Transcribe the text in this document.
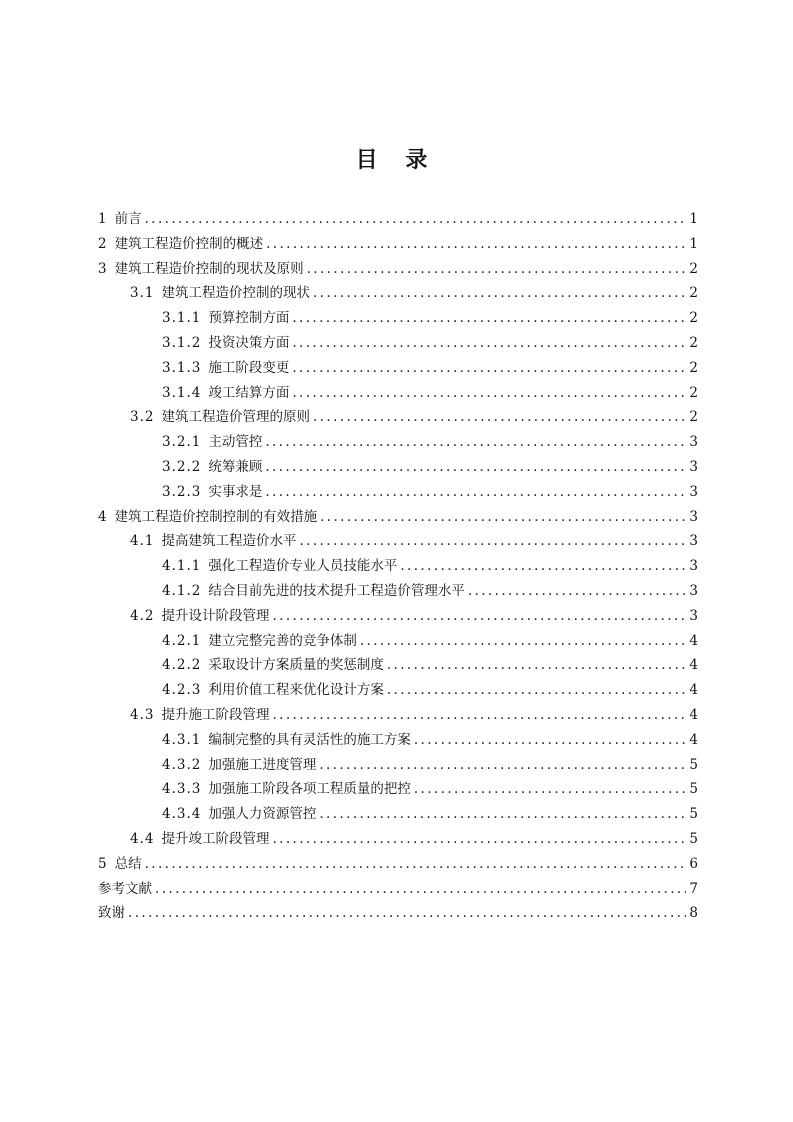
目 录
1 前言 .....	1
2 建筑工程造价控制的概述 .....	1
3 建筑工程造价控制的现状及原则 .....	2
3.1 建筑工程造价控制的现状 .....	2
3.1.1 预算控制方面 .....	2
3.1.2 投资决策方面 .....	2
3.1.3 施工阶段变更 .....	2
3.1.4 竣工结算方面 .....	2
3.2 建筑工程造价管理的原则 .....	2
3.2.1 主动管控 .....	3
3.2.2 统筹兼顾 .....	3
3.2.3 实事求是 .....	3
4 建筑工程造价控制控制的有效措施 .....	3
4.1 提高建筑工程造价水平 .....	3
4.1.1 强化工程造价专业人员技能水平 .....	3
4.1.2 结合目前先进的技术提升工程造价管理水平 .....	3
4.2 提升设计阶段管理 .....	3
4.2.1 建立完整完善的竞争体制 .....	4
4.2.2 采取设计方案质量的奖惩制度 .....	4
4.2.3 利用价值工程来优化设计方案 .....	4
4.3 提升施工阶段管理 .....	4
4.3.1 编制完整的具有灵活性的施工方案 .....	4
4.3.2 加强施工进度管理 .....	5
4.3.3 加强施工阶段各项工程质量的把控 .....	5
4.3.4 加强人力资源管控 .....	5
4.4 提升竣工阶段管理 .....	5
5 总结 .....	6
参考文献 .....	7
致谢 .....	8
